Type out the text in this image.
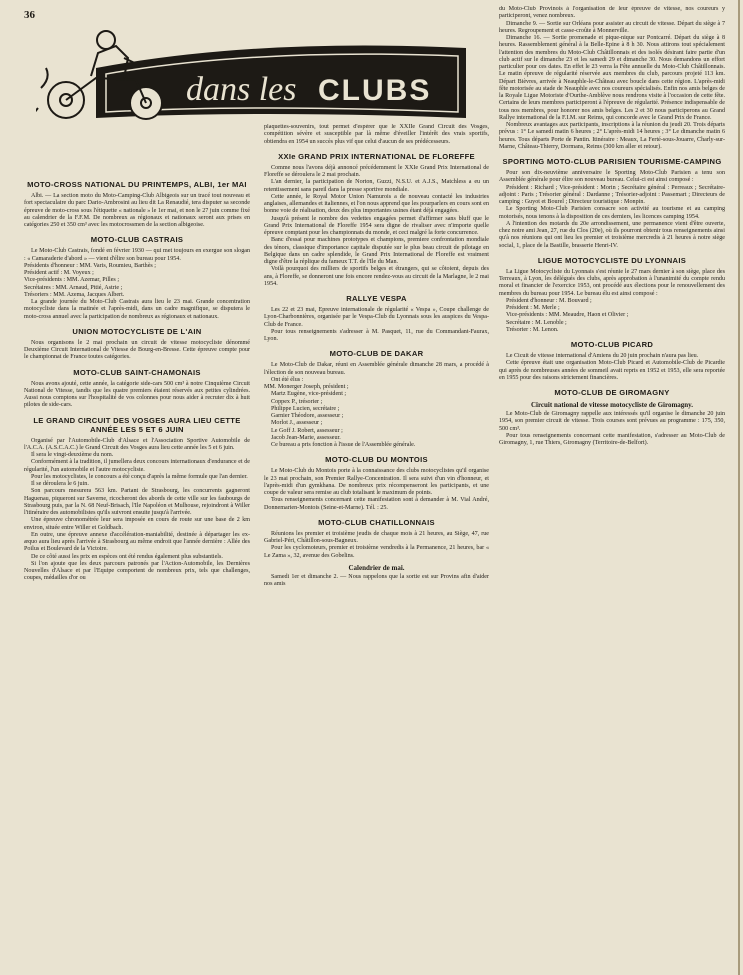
36
dans les CLUBS
MOTO-CROSS NATIONAL DU PRINTEMPS, ALBI, 1er MAI

Albi. — La section moto du Moto-Camping-Club Albigeois sur un tracé tout nouveau et fort spectaculaire du parc Dario-Ambrosini au lieu dit La Renaudié, tera disputer sa seconde épreuve de moto-cross sous l'étiquette « nationale » le 1er mai, et non le 27 juin comme fixé au calendrier de la F.F.M. De nombreux as régionaux et nationaux seront aux prises en catégories 250 et 350 cm³ avec les motocrossmen de la section albigeoise.

MOTO-CLUB CASTRAIS

Le Moto-Club Castrais, fondé en février 1930 — qui met toujours en exergue son slogan : « Camaraderie d'abord » — vient d'élire son bureau pour 1954.

Présidents d'honneur : MM. Varis, Roumieu, Barthès ;

Président actif : M. Voyeux ;

Vice-présidents : MM. Azemar, Pilles ;

Secrétaires : MM. Arnaud, Pitié, Astrie ;

Trésoriers : MM. Azema, Jacques Albert.

La grande journée du Moto-Club Castrais aura lieu le 23 mai. Grande concentration motocycliste dans la matinée et l'après-midi, dans un cadre magnifique, se disputera le moto-cross annuel avec la participation de nombreux as régionaux et nationaux.

UNION MOTOCYCLISTE DE L'AIN

Nous organisons le 2 mai prochain un circuit de vitesse motocycliste dénommé Deuxième Circuit International de Vitesse de Bourg-en-Bresse. Cette épreuve compte pour le championnat de France toutes catégories.

MOTO-CLUB SAINT-CHAMONAIS

Nous avons ajouté, cette année, la catégorie side-cars 500 cm³ à notre Cinquième Circuit National de Vitesse, tandis que les quatre premiers étaient réservés aux petites cylindrées. Aussi nous comptons sur l'hospitalité de vos colonnes pour nous aider à recruter dix à huit pilotes de side-cars.

LE GRAND CIRCUIT DES VOSGES AURA LIEU CETTE ANNÉE LES 5 ET 6 JUIN

Organisé par l'Automobile-Club d'Alsace et l'Association Sportive Automobile de l'A.C.A. (A.S.C.A.C.) le Grand Circuit des Vosges aura lieu cette année les 5 et 6 juin.

Il sera le vingt-deuxième du nom.

Conformément à la tradition, il jumellera deux concours internationaux d'endurance et de régularité, l'un automobile et l'autre motocycliste.

Pour les motocyclistes, le concours a été conçu d'après la même formule que l'an dernier.

Il se déroulera le 6 juin.

Son parcours mesurera 563 km. Partant de Strasbourg, les concurrents gagneront Haguenau, piqueront sur Saverne, ricocheront des abords de cette ville sur les faubourgs de Strasbourg puis, par la N. 68 Neuf-Brisach, l'Ile Napoléon et Mulhouse, rejoindront à Willer l'itinéraire des automobilistes qu'ils suivront ensuite jusqu'à l'arrivée.

Une épreuve chronométrée leur sera imposée en cours de route sur une base de 2 km environ, située entre Willer et Goldbach.

En outre, une épreuve annexe d'accélération-maniabilité, destinée à départager les ex-æquo aura lieu après l'arrivée à Strasbourg au même endroit que l'année dernière : Allée des Poilus et Boulevard de la Victoire.

De ce côté aussi les prix en espèces ont été rendus également plus substantiels.

Si l'on ajoute que les deux parcours patronés par l'Action-Automobile, les Dernières Nouvelles d'Alsace et par l'Equipe comportent de nombreux prix, tels que challenges, coupes, médailles d'or ou

plaquettes-souvenirs, tout permet d'espérer que le XXIIe Grand Circuit des Vosges, compétition sévère et susceptible par là même d'éveiller l'intérêt des vrais sportifs, obtiendra en 1954 un succès plus vif que celui d'aucun de ses prédécesseurs.

XXIe GRAND PRIX INTERNATIONAL DE FLOREFFE

Comme nous l'avons déjà annoncé précédemment le XXIe Grand Prix International de Floreffe se déroulera le 2 mai prochain.

L'an dernier, la participation de Norton, Guzzi, N.S.U. et A.J.S., Matchless a eu un retentissement sans pareil dans la presse sportive mondiale.

Cette année, le Royal Motor Union Namurois a de nouveau contacté les industries anglaises, allemandes et italiennes, et l'on nous apprend que les pourparlers en cours sont en bonne voie de réalisation, deux des plus importantes usines étant déjà engagées.

Jusqu'à présent le nombre des vedettes engagées permet d'affirmer sans bluff que le Grand Prix International de Floreffe 1954 sera digne de rivaliser avec n'importe quelle épreuve comptant pour les championnats du monde, et ceci malgré la forte concurrence.

Banc d'essai pour machines prototypes et champions, premiere confrontation mondiale des ténors, classique d'importance capitale disputée sur le plus beau circuit de pilotage en Belgique dans un cadre splendide, le Grand Prix International de Floreffe est vraiment digne d'être la réplique du fameux T.T. de l'Ile du Man.

Voilà pourquoi des milliers de sportifs belges et étrangers, qui se côtoient, depuis des ans, à Floreffe, se donneront une fois encore rendez-vous au circuit de la Marlagne, le 2 mai 1954.

RALLYE VESPA

Les 22 et 23 mai, Epreuve internationale de régularité « Vespa », Coupe challenge de Lyon-Charbonnières, organisée par le Vespa-Club du Lyonnais sous les auspices du Vespa-Club de France.

Pour tous renseignements s'adresser à M. Pasquet, 11, rue du Commandant-Faurax, Lyon.

MOTO-CLUB DE DAKAR

Le Moto-Club de Dakar, réuni en Assemblée générale dimanche 28 mars, a procédé à l'élection de son nouveau bureau.

Ont été élus :

MM. Monerger Joseph, président ;

Martz Eugène, vice-président ;

Coppex P., trésorier ;

Philippe Lucien, secrétaire ;

Garnier Théodore, assesseur ;

Morlot J., assesseur ;

Le Goff J. Robert, assesseur ;

Jacob Jean-Marie, assesseur.

Ce bureau a pris fonction à l'issue de l'Assemblée générale.

MOTO-CLUB DU MONTOIS

Le Moto-Club du Montois porte à la connaissance des clubs motocyclistes qu'il organise le 23 mai prochain, son Premier Rallye-Concentration. Il sera suivi d'un vin d'honneur, et l'après-midi d'un gymkhana. De nombreux prix récompenseront les participants, et une coupe de valeur sera remise au club totalisant le maximum de points.

Tous renseignements concernant cette manifestation sont à demander à M. Vial André, Donnemarien-Montois (Seine-et-Marne). Tél. : 25.

MOTO-CLUB CHATILLONNAIS

Réunions les premier et troisième jeudis de chaque mois à 21 heures, au Siège, 47, rue Gabriel-Péri, Châtillon-sous-Bagneux.

Pour les cyclomoteurs, premier et troisième vendredis à la Permanence, 21 heures, bar « Le Zama », 32, avenue des Gobelins.

Calendrier de mai.

Samedi 1er et dimanche 2. — Nous rappelons que la sortie est sur Provins afin d'aider nos amis

du Moto-Club Provinois à l'organisation de leur épreuve de vitesse, nos coureurs y participeront, venez nombreux.

Dimanche 9. — Sortie sur Orléans pour assister au circuit de vitesse. Départ du siège à 7 heures. Regroupement et casse-croûte à Monnerville.

Dimanche 16. — Sortie promenade et pique-nique sur Pontcarré. Départ du siège à 8 heures. Rassemblement général à la Belle-Epine à 8 h 30. Nous attirons tout spécialement l'attention des membres du Moto-Club Châtillonnais et des isolés désirant faire partie d'un club actif sur le dimanche 23 et les samedi 29 et dimanche 30. Nous demandons un effort particulier pour ces dates. En effet le 23 verra la Fête annuelle du Moto-Club Châtillonnais. Le matin épreuve de régularité réservée aux membres du club, parcours projeté 113 km. Départ Bièvres, arrivée à Neauphle-le-Château avec boucle dans cette région. L'après-midi fête motorisée au stade de Neauphle avec nos coureurs spécialisés. Enfin nos amis belges de la Royale Ligue Motoriste d'Ourthe-Amblève nous rendrons visite à l'occasion de cette fête. Certains de leurs membres participeront à l'épreuve de régularité. Présence indispensable de tous nos membres, pour honorer nos amis belges. Les 2 et 30 nous participerons au Grand Rallye international de la F.I.M. sur Reims, qui concorde avec le Grand Prix de France.

Nombreux avantages aux participants, inscriptions à la réunion du jeudi 20. Trois départs prévus : 1° Le samedi matin 6 heures ; 2° L'après-midi 14 heures ; 3° Le dimanche matin 6 heures. Tous départs Porte de Pantin. Itinéraire : Meaux, La Ferté-sous-Jouarre, Charly-sur-Marne, Château-Thierry, Dormans, Reims (300 km aller et retour).

SPORTING MOTO-CLUB PARISIEN TOURISME-CAMPING

Pour son dix-neuvième anniversaire le Sporting Moto-Club Parisien a tenu son Assemblée générale pour élire son nouveau bureau. Celui-ci est ainsi composé :

Président : Richard ; Vice-président : Morin ; Secrétaire général : Perreaux ; Secrétaire-adjoint : Paris ; Trésorier général : Dardanne ; Trésorier-adjoint : Passemart ; Directeurs de camping : Guyot et Bourel ; Directeur touristique : Monpin.

Le Sporting Moto-Club Parisien consacre son activité au tourisme et au camping motorisés, nous tenons à la disposition de ces derniers, les licences camping 1954.

A l'intention des motards du 20e arrondissement, une permanence vient d'être ouverte, chez notre ami Jean, 27, rue du Clos (20e), où ils pourront obtenir tous renseignements ainsi qu'à nos réunions qui ont lieu les premier et troisième mercredis à 21 heures à notre siège social, 1, place de la Bastille, brasserie Henri-IV.

LIGUE MOTOCYCLISTE DU LYONNAIS

La Ligue Motocycliste du Lyonnais s'est réunie le 27 mars dernier à son siège, place des Terreaux, à Lyon, les délégués des clubs, après approbation à l'unanimité du compte rendu moral et financier de l'exercice 1953, ont procédé aux élections pour le renouvellement des membres du bureau pour 1954. Le bureau élu est ainsi composé :

Président d'honneur : M. Bouvard ;

Président : M. Merle ;

Vice-présidents : MM. Meaudre, Haon et Olivier ;

Secrétaire : M. Lenoble ;

Trésorier : M. Lenon.

MOTO-CLUB PICARD

Le Cicuit de vitesse international d'Amiens du 20 juin prochain n'aura pas lieu.

Cette épreuve était une organisation Moto-Club Picard et Automobile-Club de Picardie qui après de nombreuses années de sommeil avait repris en 1952 et 1953, elle sera reportée en 1955 pour des raisons strictement financières.

MOTO-CLUB DE GIROMAGNY
Circuit national de vitesse motocycliste de Giromagny.

Le Moto-Club de Giromagny rappelle aux intéressés qu'il organise le dimanche 20 juin 1954, son premier circuit de vitesse. Trois courses sont prévues au programme : 175, 350, 500 cm³.

Pour tous renseignements concernant cette manifestation, s'adresser au Moto-Club de Giromagny, 1, rue Thiers, Giromagny (Territoire-de-Belfort).
